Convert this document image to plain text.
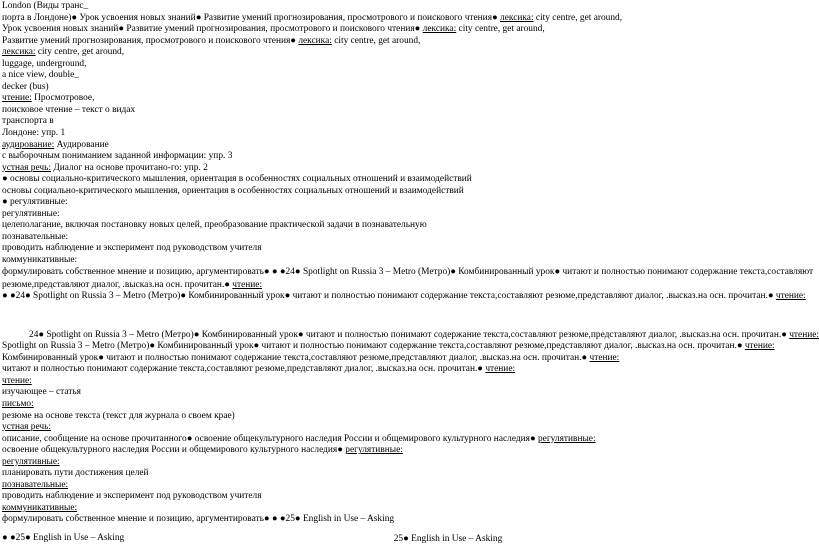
London (Виды транс_
порта в Лондоне)● Урок усвоения новых знаний● Развитие умений прогнозирования, просмотрового и поискового чтения● лексика: city centre, get around,
Урок усвоения новых знаний● Развитие умений прогнозирования, просмотрового и поискового чтения● лексика: city centre, get around,
Развитие умений прогнозирования, просмотрового и поискового чтения● лексика: city centre, get around,
лексика: city centre, get around,
luggage, underground,
a nice view, double_
decker (bus)
чтение: Просмотровое,
поисковое чтение – текст о видах
транспорта в
Лондоне: упр. 1
аудирование: Аудирование
с выборочным пониманием заданной информации: упр. 3
устная речь: Диалог на основе прочитано-го: упр. 2
● основы социально-критического мышления, ориентация в особенностях социальных отношений и взаимодействий
основы социально-критического мышления, ориентация в особенностях социальных отношений и взаимодействий
● регулятивные:
регулятивные:
целеполагание, включая постановку новых целей, преобразование практической задачи в познавательную
познавательные:
проводить наблюдение и эксперимент под руководством учителя
коммуникативные:
формулировать собственное мнение и позицию, аргументировать● ● ●24● Spotlight on Russia 3 – Metro (Метро)● Комбинированный урок● читают и полностью понимают содержание текста,составляют
резюме,представляют диалог, .высказ.на осн. прочитан.● чтение:
● ●24● Spotlight on Russia 3 – Metro (Метро)● Комбинированный урок● читают и полностью понимают содержание текста,составляют резюме,представляют диалог, .высказ.на осн. прочитан.● чтение:
24● Spotlight on Russia 3 – Metro (Метро)● Комбинированный урок● читают и полностью понимают содержание текста,составляют резюме,представляют диалог, .высказ.на осн. прочитан.● чтение:
Spotlight on Russia 3 – Metro (Метро)● Комбинированный урок● читают и полностью понимают содержание текста,составляют резюме,представляют диалог, .высказ.на осн. прочитан.● чтение:
Комбинированный урок● читают и полностью понимают содержание текста,составляют резюме,представляют диалог, .высказ.на осн. прочитан.● чтение:
читают и полностью понимают содержание текста,составляют резюме,представляют диалог, .высказ.на осн. прочитан.● чтение:
чтение:
изучающее – статья
письмо:
резюме на основе текста (текст для журнала о своем крае)
устная речь:
описание, сообщение на основе прочитанного● освоение общекультурного наследия России и общемирового культурного наследия● регулятивные:
освоение общекультурного наследия России и общемирового культурного наследия● регулятивные:
регулятивные:
планировать пути достижения целей
познавательные:
проводить наблюдение и эксперимент под руководством учителя
коммуникативные:
формулировать собственное мнение и позицию, аргументировать● ● ●25● English in Use – Asking
● ●25● English in Use – Asking	25● English in Use – Asking
